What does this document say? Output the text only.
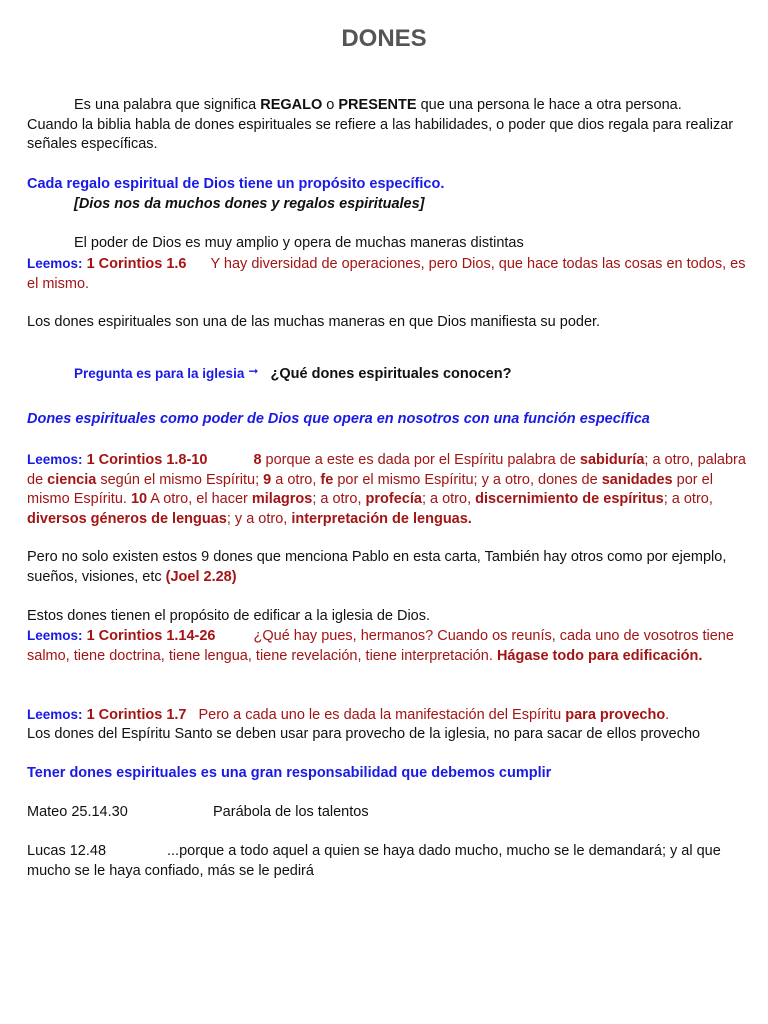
DONES

Es una palabra que significa REGALO o PRESENTE que una persona le hace a otra persona.
Cuando la biblia habla de dones espirituales se refiere a las habilidades, o poder que dios regala para realizar señales específicas.

Cada regalo espiritual de Dios tiene un propósito específico.

[Dios nos da muchos dones y regalos espirituales]

El poder de Dios es muy amplio y opera de muchas maneras distintas

Leemos: 1 Corintios 1.6 Y hay diversidad de operaciones, pero Dios, que hace todas las cosas en todos, es el mismo.

Los dones espirituales son una de las muchas maneras en que Dios manifiesta su poder.

Pregunta es para la iglesia ➞ ¿Qué dones espirituales conocen?

Dones espirituales como poder de Dios que opera en nosotros con una función específica

Leemos: 1 Corintios 1.8-10	8 porque a este es dada por el Espíritu palabra de sabiduría; a otro, palabra de ciencia según el mismo Espíritu; 9 a otro, fe por el mismo Espíritu; y a otro, dones de sanidades por el mismo Espíritu. 10 A otro, el hacer milagros; a otro, profecía; a otro, discernimiento de espíritus; a otro, diversos géneros de lenguas; y a otro, interpretación de lenguas.

Pero no solo existen estos 9 dones que menciona Pablo en esta carta, También hay otros como por ejemplo, sueños, visiones, etc (Joel 2.28)

Estos dones tienen el propósito de edificar a la iglesia de Dios.

Leemos: 1 Corintios 1.14-26	¿Qué hay pues, hermanos? Cuando os reunís, cada uno de vosotros tiene salmo, tiene doctrina, tiene lengua, tiene revelación, tiene interpretación. Hágase todo para edificación.

Leemos: 1 Corintios 1.7 Pero a cada uno le es dada la manifestación del Espíritu para provecho.

Los dones del Espíritu Santo se deben usar para provecho de la iglesia, no para sacar de ellos provecho

Tener dones espirituales es una gran responsabilidad que debemos cumplir

Mateo 25.14.30	Parábola de los talentos

Lucas 12.48	...porque a todo aquel a quien se haya dado mucho, mucho se le demandará; y al que mucho se le haya confiado, más se le pedirá
